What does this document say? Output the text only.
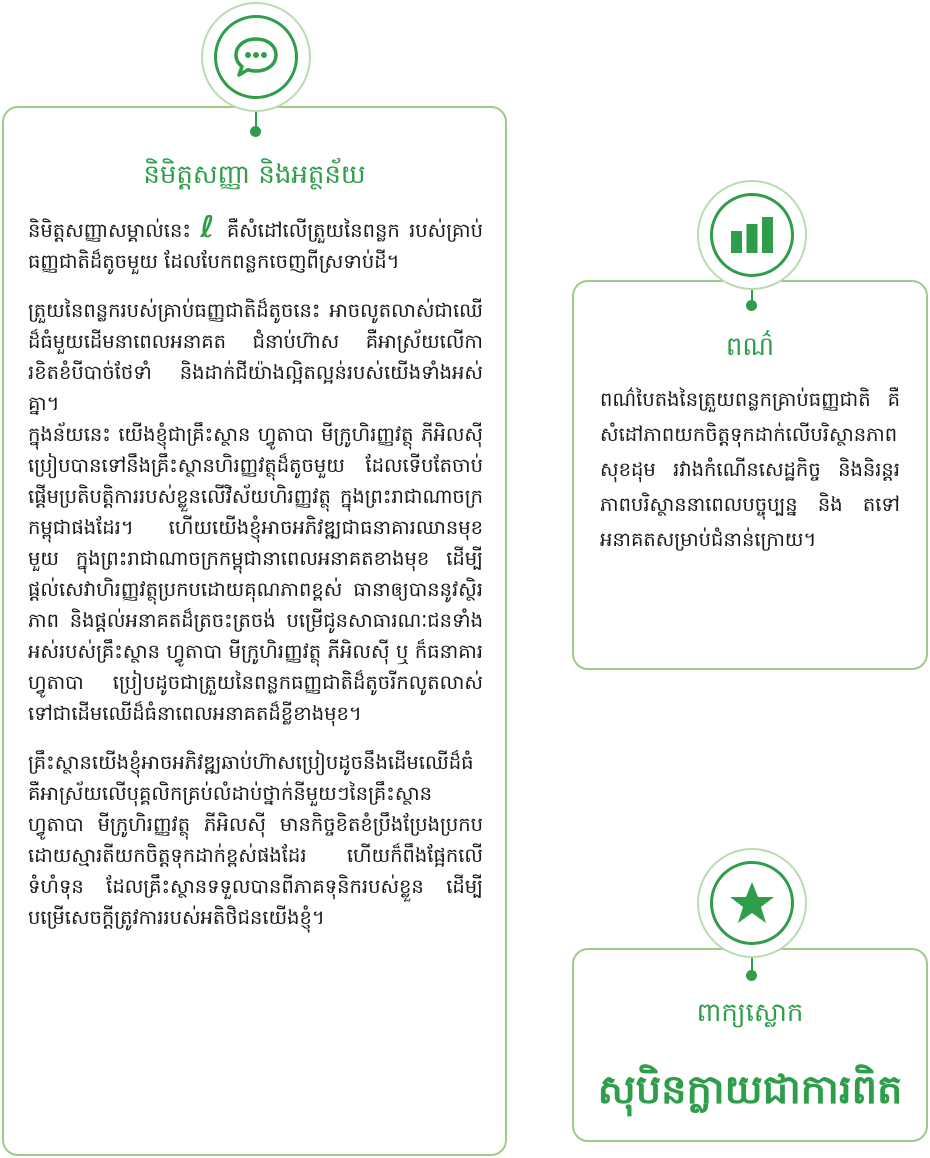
និមិត្តសញ្ញា និងអត្ថន័យ

និមិត្តសញ្ញាសម្គាល់នេះ ℓ គឺសំដៅលើត្រួយនៃពន្លក របស់គ្រាប់ធញ្ញជាតិដ៏តូចមួយ ដែលបែកពន្លកចេញពីស្រទាប់ដី។

ត្រួយនៃពន្លករបស់គ្រាប់ធញ្ញជាតិដ៏តូចនេះ អាចលូតលាស់ជាឈើដ៏ធំមួយដើមនាពេលអនាគត ជំនាប់ហ៊ាស គឺអាស្រ័យលើការខិតខំបីបាច់ថែទាំ និងដាក់ជីយ៉ាងល្អិតល្អន់របស់យើងទាំងអស់គ្នា។

ក្នុងន័យនេះ យើងខ្ញុំជាគ្រឹះស្ថាន ហ្វូតាបា មីក្រូហិរញ្ញវត្ថុ ភីអិលស៊ី ប្រៀបបានទៅនឹងគ្រឹះស្ថានហិរញ្ញវត្ថុដ៏តូចមួយ ដែលទើបតែចាប់ផ្តើមប្រតិបត្តិការរបស់ខ្លួនលើវិស័យហិរញ្ញវត្ថុ ក្នុងព្រះរាជាណាចក្រកម្ពុជាផងដែរ។ ហើយយើងខ្ញុំអាចអភិវឌ្ឍជាធនាគារឈានមុខមួយ ក្នុងព្រះរាជាណាចក្រកម្ពុជានាពេលអនាគតខាងមុខ ដើម្បីផ្តល់សេវាហិរញ្ញវត្ថុប្រកបដោយគុណភាពខ្ពស់ ធានាឲ្យបាននូវស្ថិរភាព និងផ្តល់អនាគតដ៏ត្រចះត្រចង់ បម្រើជូនសាធារណៈជនទាំងអស់របស់គ្រឹះស្ថាន ហ្វូតាបា មីក្រូហិរញ្ញវត្ថុ ភីអិលស៊ី ឬ ក៏ធនាគារ ហ្វូតាបា ប្រៀបដូចជាត្រួយនៃពន្លកធញ្ញជាតិដ៏តូចរីកលូតលាស់ទៅជាដើមឈើដ៏ធំនាពេលអនាគតដ៏ខ្លីខាងមុខ។

គ្រឹះស្ថានយើងខ្ញុំអាចអភិវឌ្ឍឆាប់ហ៊ាសប្រៀបដូចនឹងដើមឈើដ៏ធំ គឺអាស្រ័យលើបុគ្គលិកគ្រប់លំដាប់ថ្នាក់នីមួយៗនៃគ្រឹះស្ថាន ហ្វូតាបា មីក្រូហិរញ្ញវត្ថុ ភីអិលស៊ី មានកិច្ចខិតខំប្រឹងប្រែងប្រកបដោយស្មារតីយកចិត្តទុកដាក់ខ្ពស់ផងដែរ ហើយក៏ពឹងផ្អែកលើទំហំទុន ដែលគ្រឹះស្ថានទទួលបានពីភាគទុនិករបស់ខ្លួន ដើម្បីបម្រើសេចក្តីត្រូវការរបស់អតិថិជនយើងខ្ញុំ។

ពណ៌

ពណ៌បៃតងនៃត្រួយពន្លកគ្រាប់ធញ្ញជាតិ គឺសំដៅភាពយកចិត្តទុកដាក់លើបរិស្ថានភាព សុខដុម រវាងកំណើនសេដ្ឋកិច្ច និងនិរន្តរភាពបរិស្ថាននាពេលបច្ចុប្បន្ន និង តទៅអនាគតសម្រាប់ជំនាន់ក្រោយ។

ពាក្យស្លោក
សុបិនក្លាយជាការពិត
